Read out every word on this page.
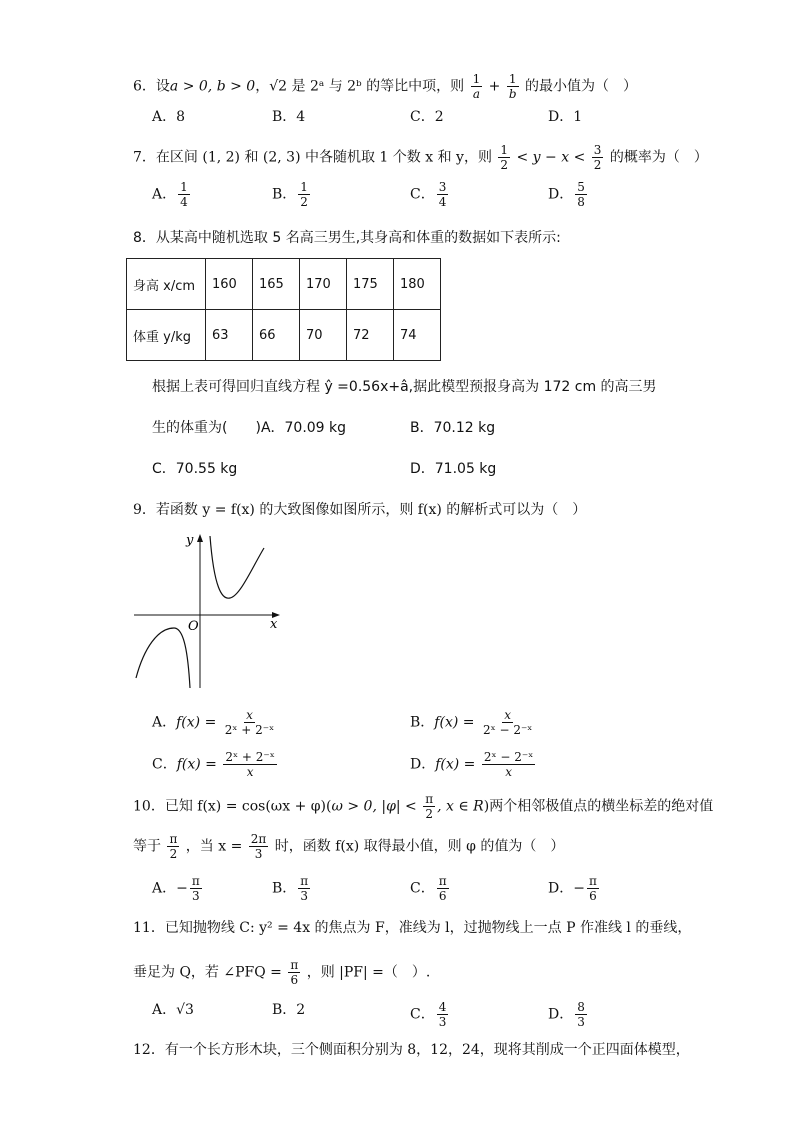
6．设a > 0, b > 0，√2 是 2ᵃ 与 2ᵇ 的等比中项，则 $\frac{1}{a} + \frac{1}{b}$ 的最小值为（　）
A．8	B．4	C．2	D．1
7．在区间 (1, 2) 和 (2, 3) 中各随机取 1 个数 x 和 y，则 $\frac{1}{2} < y - x < \frac{3}{2}$ 的概率为（　）
A． $\frac{1}{4}$	B． $\frac{1}{2}$	C． $\frac{3}{4}$	D． $\frac{5}{8}$
8．从某高中随机选取 5 名高三男生,其身高和体重的数据如下表所示:
身高 x/cm	160	165	170	175	180
体重 y/kg	63	66	70	72	74
根据上表可得回归直线方程 ŷ =0.56x+â,据此模型预报身高为 172 cm 的高三男
生的体重为(　　)A．70.09 kg	B．70.12 kg
C．70.55 kg	D．71.05 kg
9．若函数 y = f(x) 的大致图像如图所示，则 f(x) 的解析式可以为（　）
y
x
O
A．$f(x) = \frac{x}{\text{2ˣ + 2⁻ˣ}}$	B．$f(x) = \frac{x}{\text{2ˣ − 2⁻ˣ}}$
C．$f(x) = \frac{\text{2ˣ + 2⁻ˣ}}{x}$	D．$f(x) = \frac{\text{2ˣ − 2⁻ˣ}}{x}$
10．已知 f(x) = cos(ωx + φ)(ω > 0, $|\varphi| < \frac{\pi}{2}$ , x ∈ R)两个相邻极值点的横坐标差的绝对值
等于 $\frac{\pi}{2}$ ，当 $x = \frac{2\pi}{3}$ 时，函数 f(x) 取得最小值，则 φ 的值为（　）
A．− $\frac{\pi}{3}$	B． $\frac{\pi}{3}$	C． $\frac{\pi}{6}$	D．− $\frac{\pi}{6}$
11．已知抛物线 C: y² = 4x 的焦点为 F，准线为 l，过抛物线上一点 P 作准线 l 的垂线，
垂足为 Q，若 ∠PFQ = $\frac{\pi}{6}$ ，则 |PF| =（　）.
A．√3	B．2	C． $\frac{4}{3}$	D． $\frac{8}{3}$
12．有一个长方形木块，三个侧面积分别为 8，12，24，现将其削成一个正四面体模型，
